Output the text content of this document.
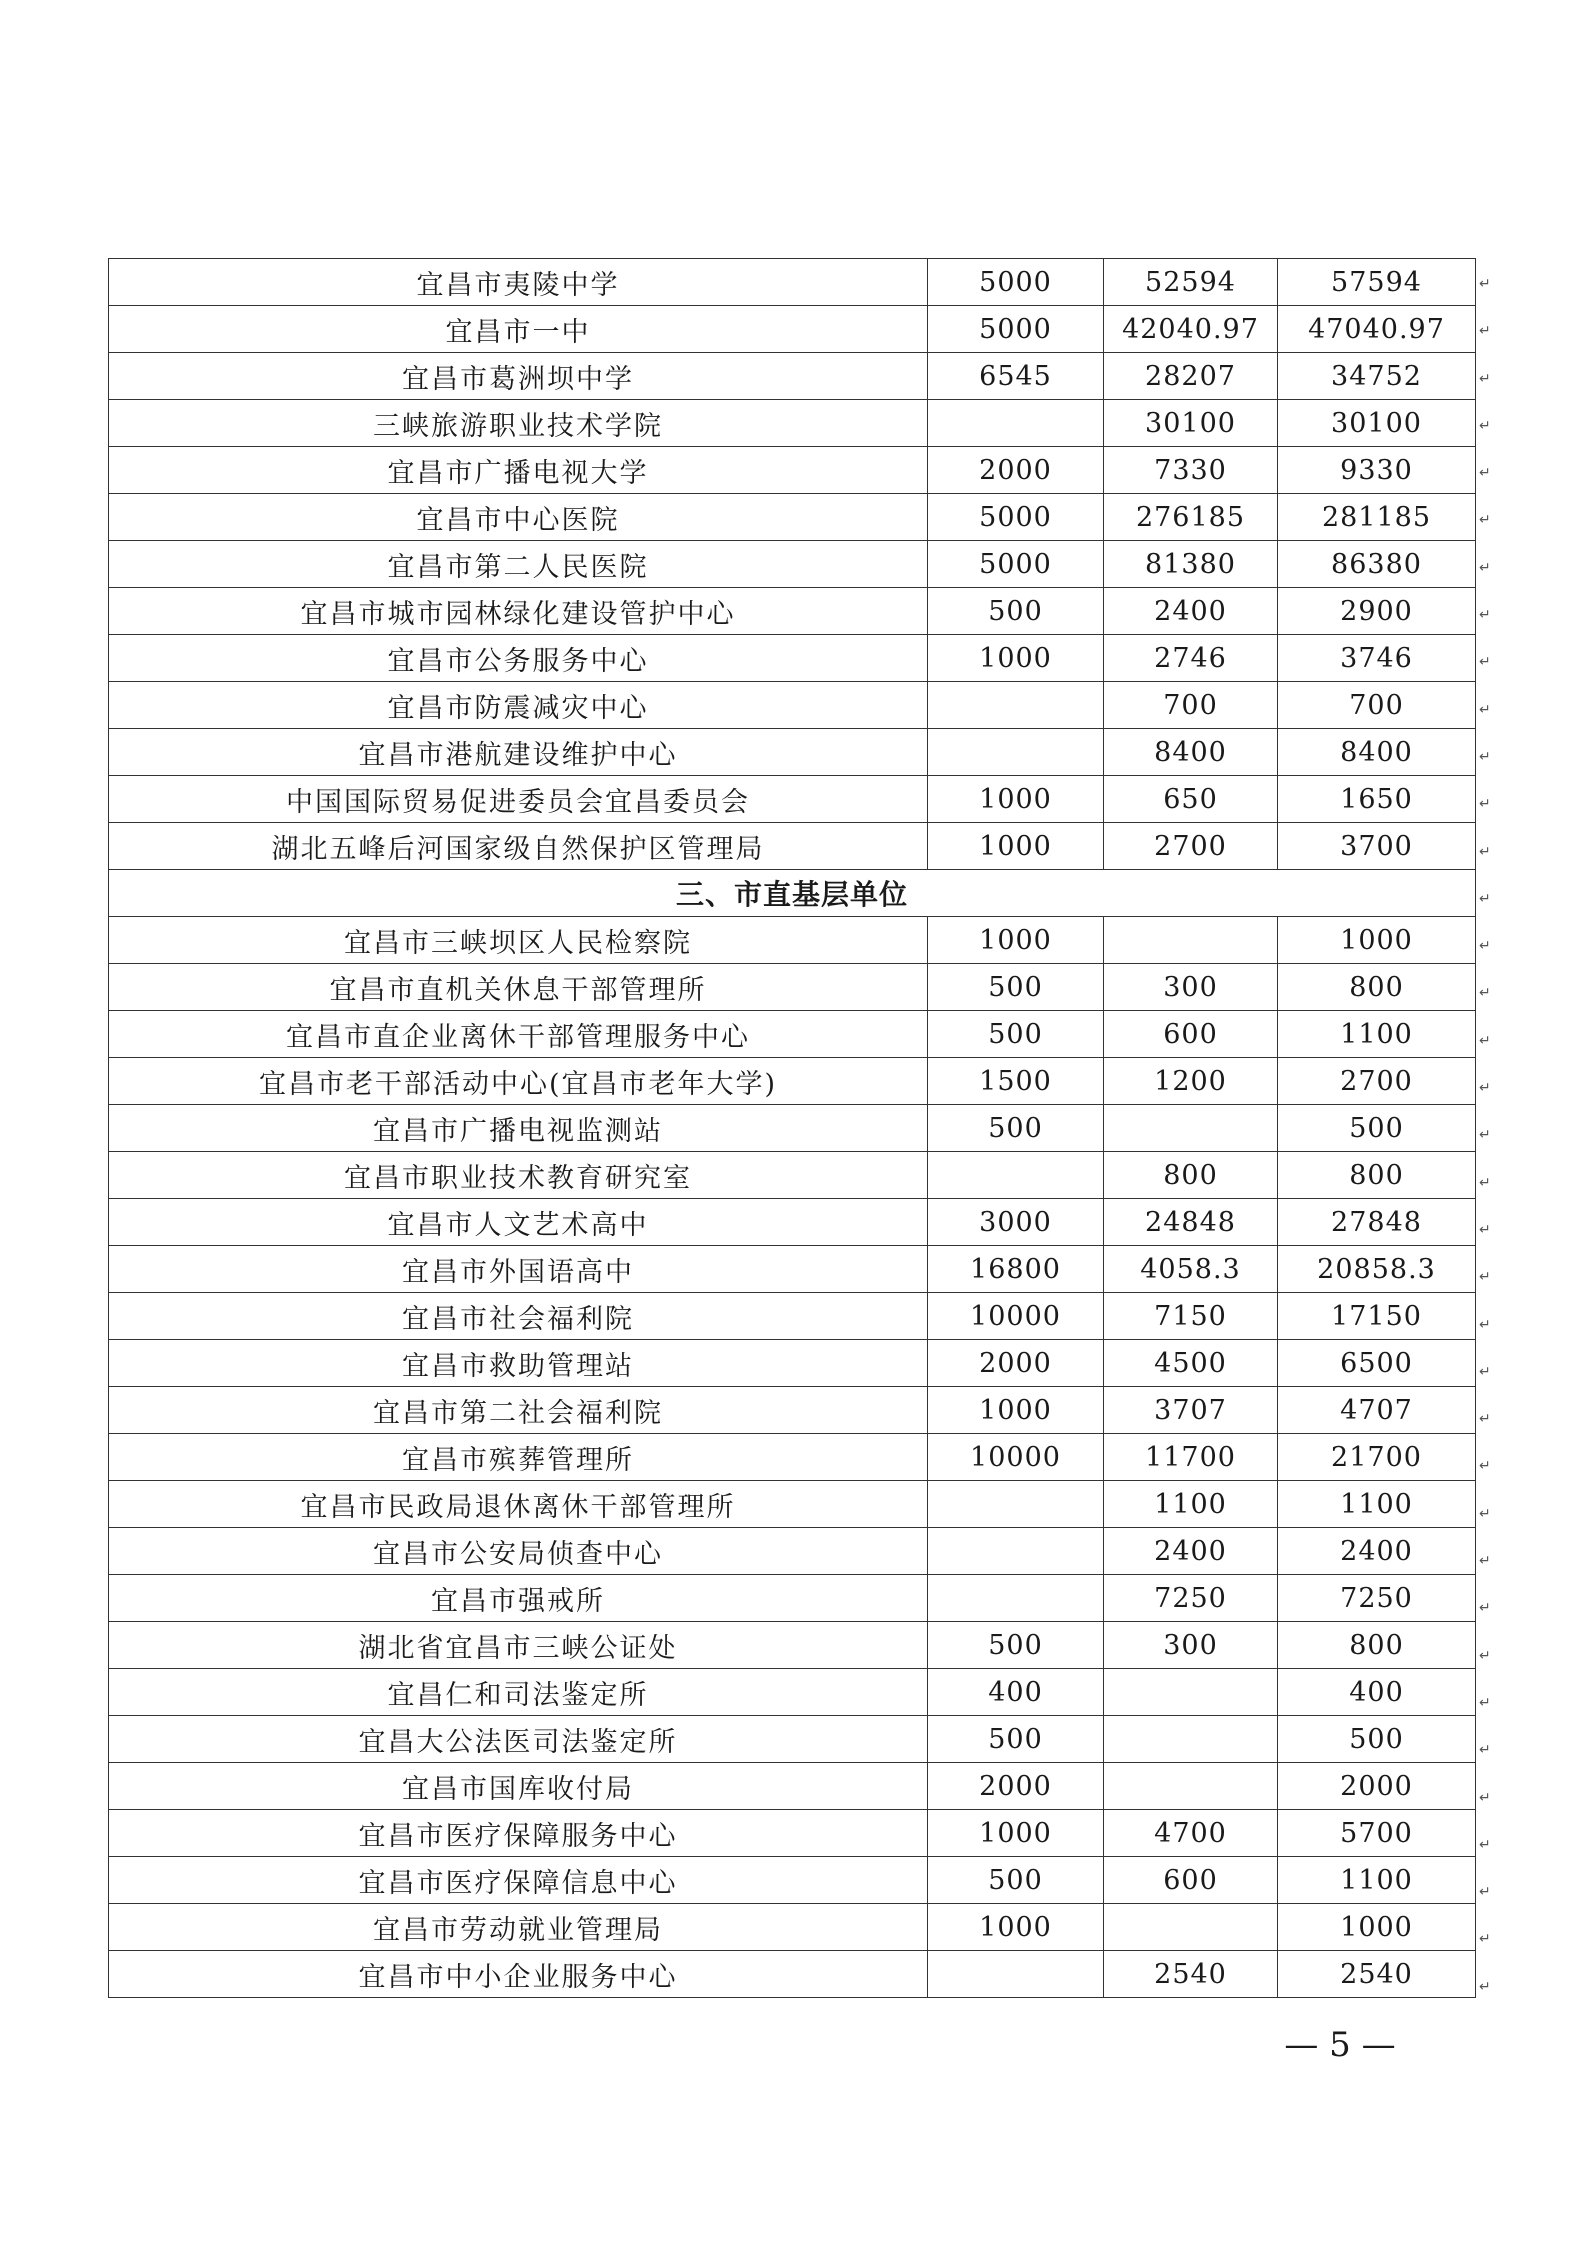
宜昌市夷陵中学	5000	52594	57594
宜昌市一中	5000	42040.97	47040.97
宜昌市葛洲坝中学	6545	28207	34752
三峡旅游职业技术学院		30100	30100
宜昌市广播电视大学	2000	7330	9330
宜昌市中心医院	5000	276185	281185
宜昌市第二人民医院	5000	81380	86380
宜昌市城市园林绿化建设管护中心	500	2400	2900
宜昌市公务服务中心	1000	2746	3746
宜昌市防震减灾中心		700	700
宜昌市港航建设维护中心		8400	8400
中国国际贸易促进委员会宜昌委员会	1000	650	1650
湖北五峰后河国家级自然保护区管理局	1000	2700	3700
三、市直基层单位			
宜昌市三峡坝区人民检察院	1000		1000
宜昌市直机关休息干部管理所	500	300	800
宜昌市直企业离休干部管理服务中心	500	600	1100
宜昌市老干部活动中心(宜昌市老年大学)	1500	1200	2700
宜昌市广播电视监测站	500		500
宜昌市职业技术教育研究室		800	800
宜昌市人文艺术高中	3000	24848	27848
宜昌市外国语高中	16800	4058.3	20858.3
宜昌市社会福利院	10000	7150	17150
宜昌市救助管理站	2000	4500	6500
宜昌市第二社会福利院	1000	3707	4707
宜昌市殡葬管理所	10000	11700	21700
宜昌市民政局退休离休干部管理所		1100	1100
宜昌市公安局侦查中心		2400	2400
宜昌市强戒所		7250	7250
湖北省宜昌市三峡公证处	500	300	800
宜昌仁和司法鉴定所	400		400
宜昌大公法医司法鉴定所	500		500
宜昌市国库收付局	2000		2000
宜昌市医疗保障服务中心	1000	4700	5700
宜昌市医疗保障信息中心	500	600	1100
宜昌市劳动就业管理局	1000		1000
宜昌市中小企业服务中心		2540	2540
↵
↵
↵
↵
↵
↵
↵
↵
↵
↵
↵
↵
↵
↵
↵
↵
↵
↵
↵
↵
↵
↵
↵
↵
↵
↵
↵
↵
↵
↵
↵
↵
↵
↵
↵
↵
↵
— 5 —
